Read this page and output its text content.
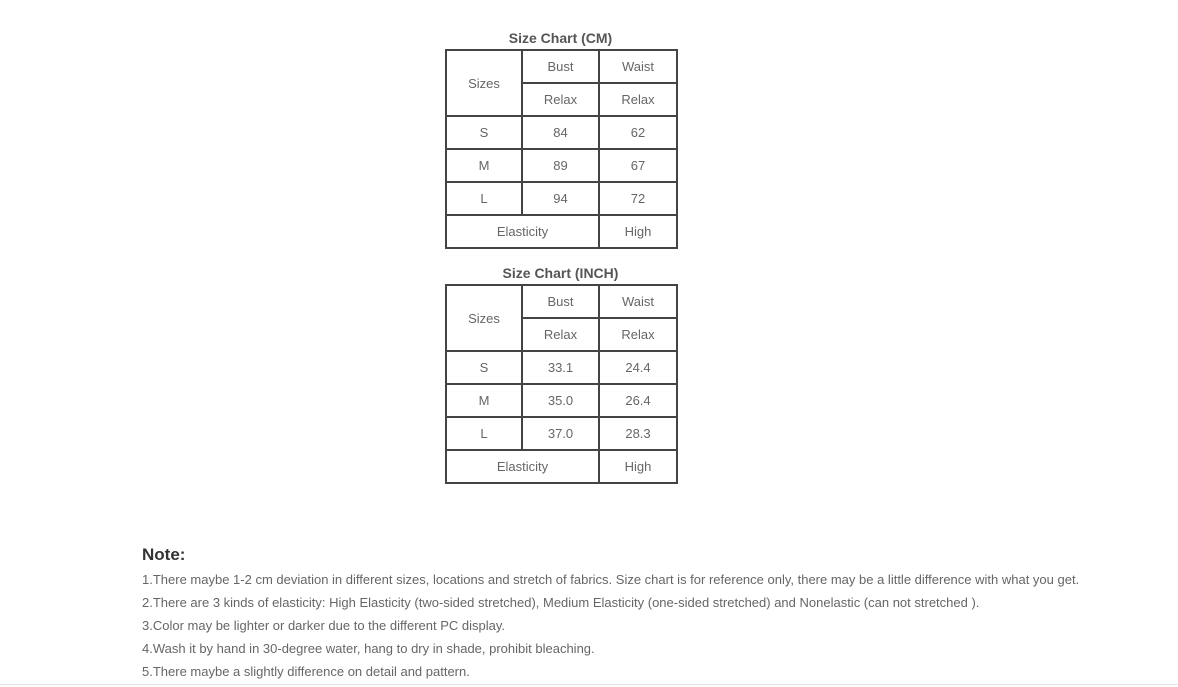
Size Chart (CM)
Sizes	Bust	Waist
	Relax	Relax
S	84	62
M	89	67
L	94	72
Elasticity		High
Size Chart (INCH)
Sizes	Bust	Waist
	Relax	Relax
S	33.1	24.4
M	35.0	26.4
L	37.0	28.3
Elasticity		High
Note:
1.There maybe 1-2 cm deviation in different sizes, locations and stretch of fabrics. Size chart is for reference only, there may be a little difference with what you get.
2.There are 3 kinds of elasticity: High Elasticity (two-sided stretched), Medium Elasticity (one-sided stretched) and Nonelastic (can not stretched ).
3.Color may be lighter or darker due to the different PC display.
4.Wash it by hand in 30-degree water, hang to dry in shade, prohibit bleaching.
5.There maybe a slightly difference on detail and pattern.
